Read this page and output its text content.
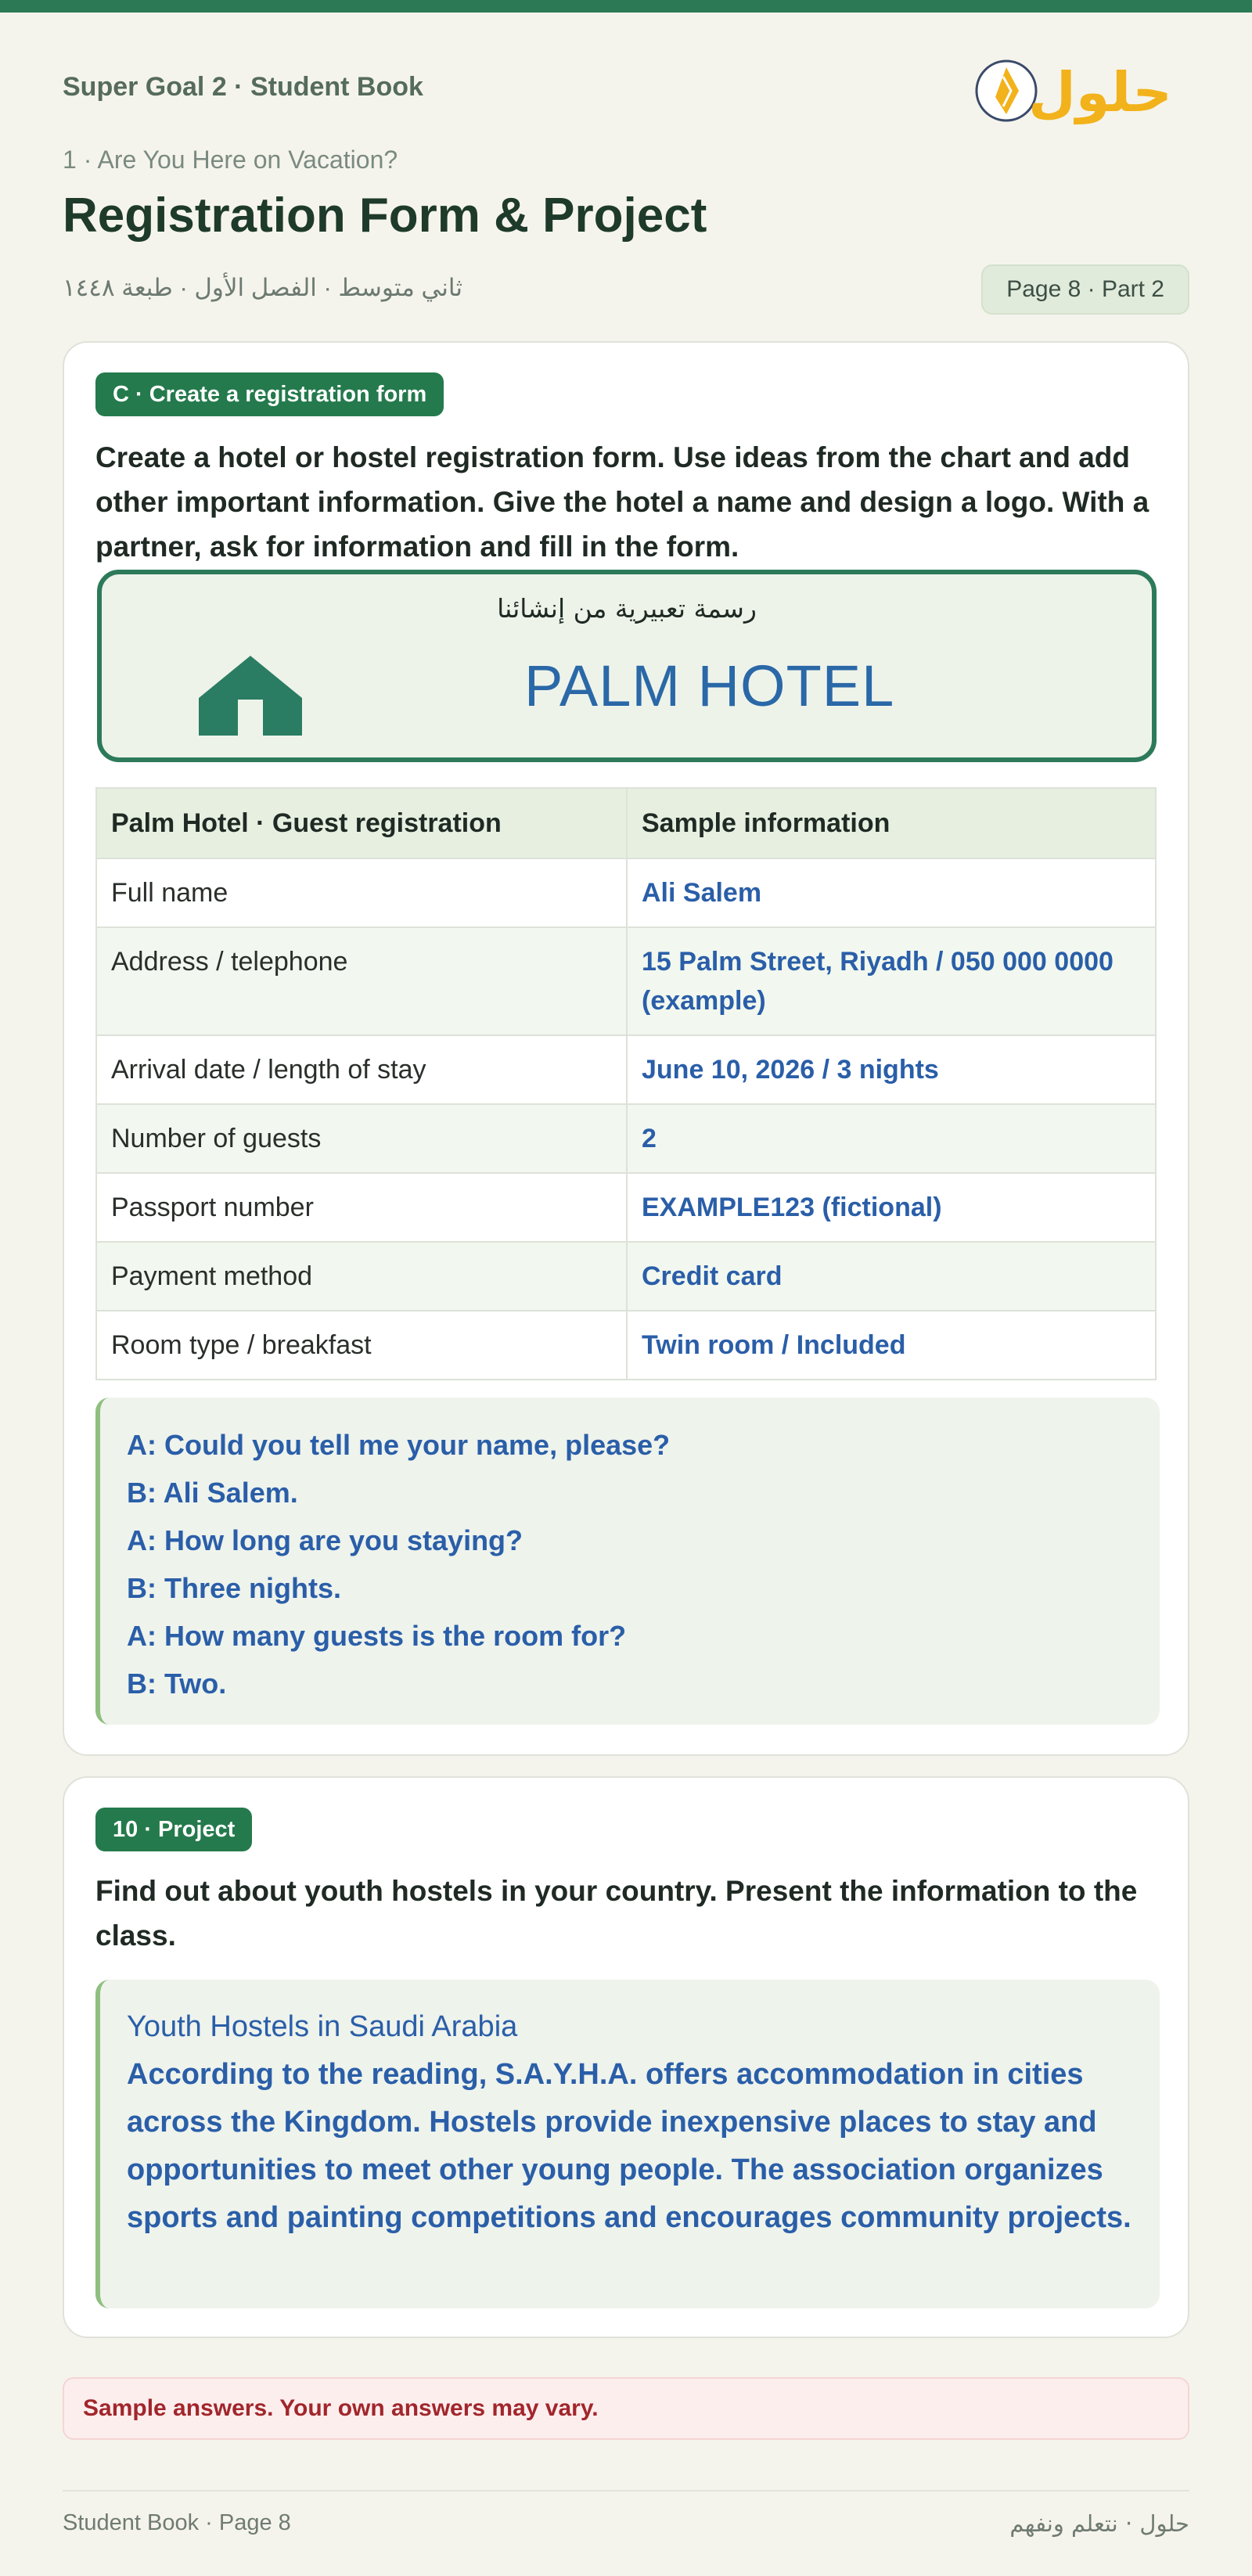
Super Goal 2 · Student Book	حلول
1 · Are You Here on Vacation?
Registration Form & Project
ثاني متوسط · الفصل الأول · طبعة ١٤٤٨	Page 8 · Part 2
C · Create a registration form
Create a hotel or hostel registration form. Use ideas from the chart and add other important information. Give the hotel a name and design a logo. With a partner, ask for information and fill in the form.
رسمة تعبيرية من إنشائنا
PALM HOTEL
Palm Hotel · Guest registration	Sample information
Full name	Ali Salem
Address / telephone	15 Palm Street, Riyadh / 050 000 0000 (example)
Arrival date / length of stay	June 10, 2026 / 3 nights
Number of guests	2
Passport number	EXAMPLE123 (fictional)
Payment method	Credit card
Room type / breakfast	Twin room / Included
A: Could you tell me your name, please?
B: Ali Salem.
A: How long are you staying?
B: Three nights.
A: How many guests is the room for?
B: Two.
10 · Project
Find out about youth hostels in your country. Present the information to the class.
Youth Hostels in Saudi Arabia
According to the reading, S.A.Y.H.A. offers accommodation in cities across the Kingdom. Hostels provide inexpensive places to stay and opportunities to meet other young people. The association organizes sports and painting competitions and encourages community projects.
Sample answers. Your own answers may vary.
Student Book · Page 8	حلول · نتعلم ونفهم
